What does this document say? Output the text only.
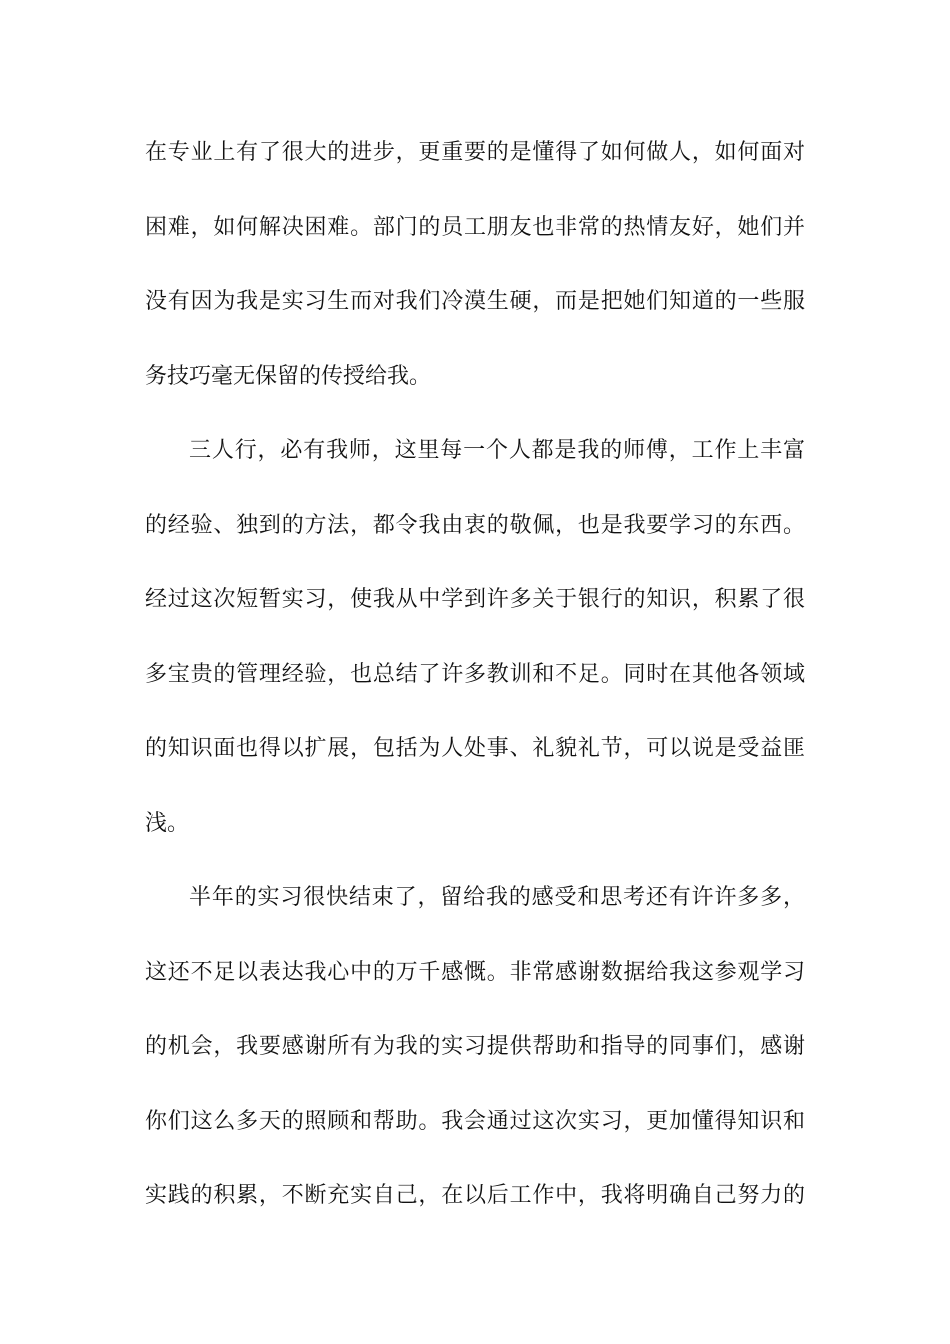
在专业上有了很大的进步，更重要的是懂得了如何做人，如何面对
困难，如何解决困难。部门的员工朋友也非常的热情友好，她们并
没有因为我是实习生而对我们冷漠生硬，而是把她们知道的一些服
务技巧毫无保留的传授给我。
三人行，必有我师，这里每一个人都是我的师傅，工作上丰富
的经验、独到的方法，都令我由衷的敬佩，也是我要学习的东西。
经过这次短暂实习，使我从中学到许多关于银行的知识，积累了很
多宝贵的管理经验，也总结了许多教训和不足。同时在其他各领域
的知识面也得以扩展，包括为人处事、礼貌礼节，可以说是受益匪
浅。
半年的实习很快结束了，留给我的感受和思考还有许许多多，
这还不足以表达我心中的万千感慨。非常感谢数据给我这参观学习
的机会，我要感谢所有为我的实习提供帮助和指导的同事们，感谢
你们这么多天的照顾和帮助。我会通过这次实习，更加懂得知识和
实践的积累，不断充实自己，在以后工作中，我将明确自己努力的
